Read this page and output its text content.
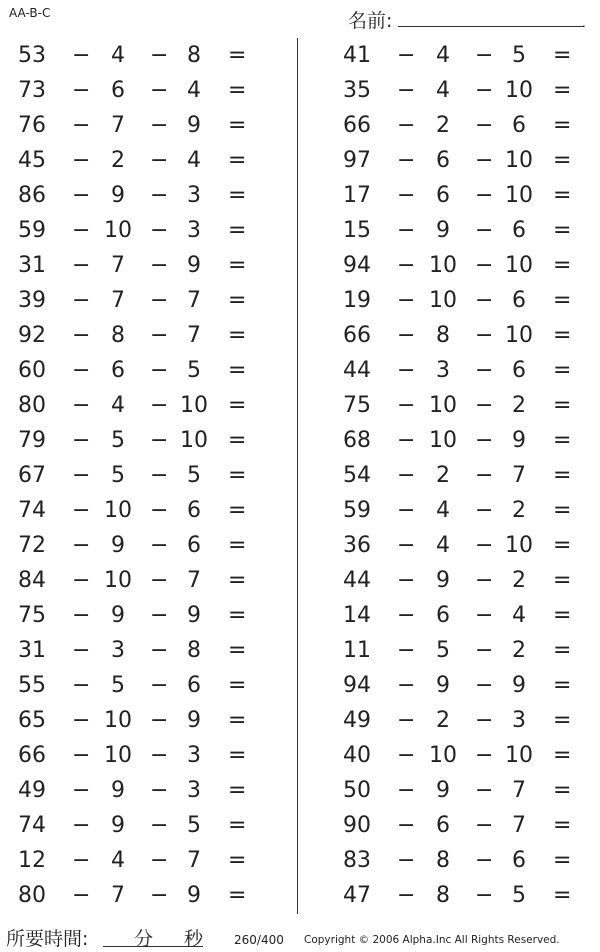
AA-B-C	名前:	.
53	− 4	− 8	=
73	− 6	− 4	=
76	− 7	− 9	=
45	− 2	− 4	=
86	− 9	− 3	=
59	− 10 − 3	=
31	− 7	− 9	=
39	− 7	− 7	=
92	− 8	− 7	=
60	− 6	− 5	=
80	− 4	− 10 =
79	− 5	− 10 =
67	− 5	− 5	=
74	− 10 − 6	=
72	− 9	− 6	=
84	− 10 − 7	=
75	− 9	− 9	=
31	− 3	− 8	=
55	− 5	− 6	=
65	− 10 − 9	=
66	− 10 − 3	=
49	− 9	− 3	=
74	− 9	− 5	=
12	− 4	− 7	=
80	− 7	− 9	=
41	− 4	− 5	=
35	− 4	− 10 =
66	− 2	− 6	=
97	− 6	− 10 =
17	− 6	− 10 =
15	− 9	− 6	=
94	− 10 − 10 =
19	− 10 − 6	=
66	− 8	− 10 =
44	− 3	− 6	=
75	− 10 − 2	=
68	− 10 − 9	=
54	− 2	− 7	=
59	− 4	− 2	=
36	− 4	− 10 =
44	− 9	− 2	=
14	− 6	− 4	=
11	− 5	− 2	=
94	− 9	− 9	=
49	− 2	− 3	=
40	− 10 − 10 =
50	− 9	− 7	=
90	− 6	− 7	=
83	− 8	− 6	=
47	− 8	− 5	=
所要時間: 分 秒	260/400 Copyright © 2006 Alpha.Inc All Rights Reserved.
